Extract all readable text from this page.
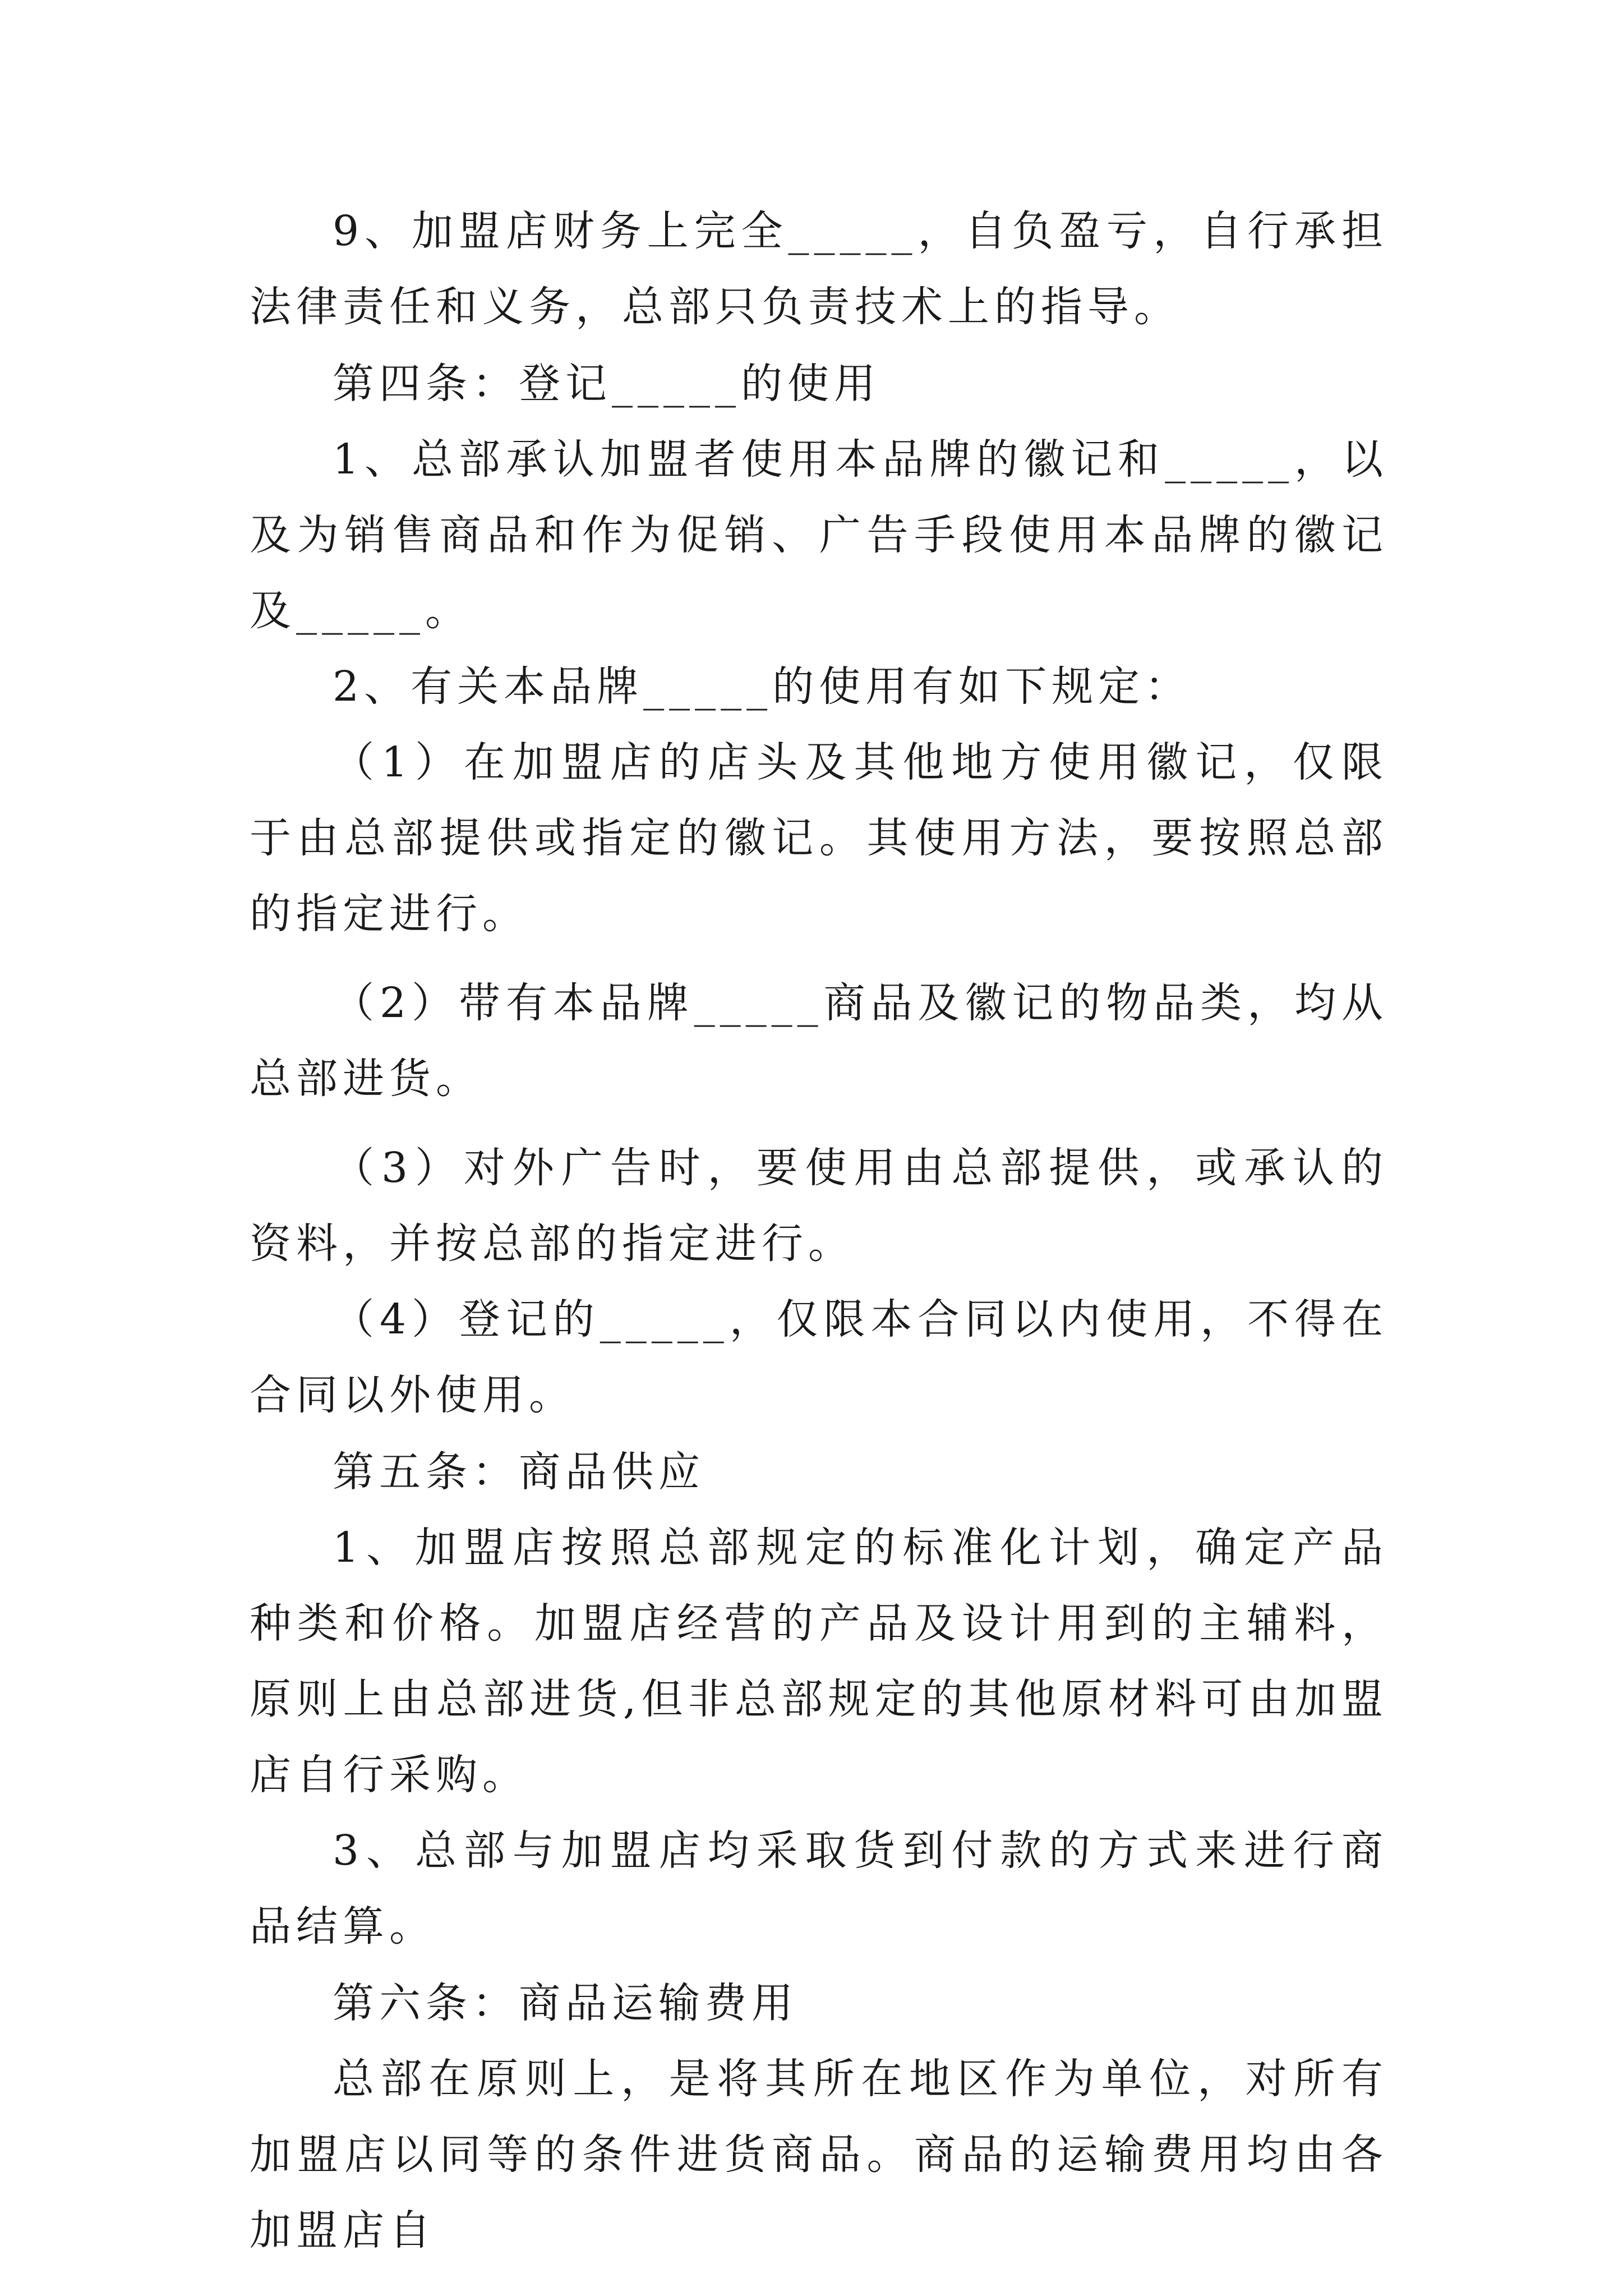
9、加盟店财务上完全_____，自负盈亏，自行承担法律责任和义务，总部只负责技术上的指导。

第四条：登记_____的使用

1、总部承认加盟者使用本品牌的徽记和_____，以及为销售商品和作为促销、广告手段使用本品牌的徽记及_____。

2、有关本品牌_____的使用有如下规定：

（1）在加盟店的店头及其他地方使用徽记，仅限于由总部提供或指定的徽记。其使用方法，要按照总部的指定进行。

（2）带有本品牌_____商品及徽记的物品类，均从总部进货。

（3）对外广告时，要使用由总部提供，或承认的资料，并按总部的指定进行。

（4）登记的_____，仅限本合同以内使用，不得在合同以外使用。

第五条：商品供应

1、加盟店按照总部规定的标准化计划，确定产品种类和价格。加盟店经营的产品及设计用到的主辅料，原则上由总部进货,但非总部规定的其他原材料可由加盟店自行采购。

3、总部与加盟店均采取货到付款的方式来进行商品结算。

第六条：商品运输费用

总部在原则上，是将其所在地区作为单位，对所有加盟店以同等的条件进货商品。商品的运输费用均由各加盟店自
